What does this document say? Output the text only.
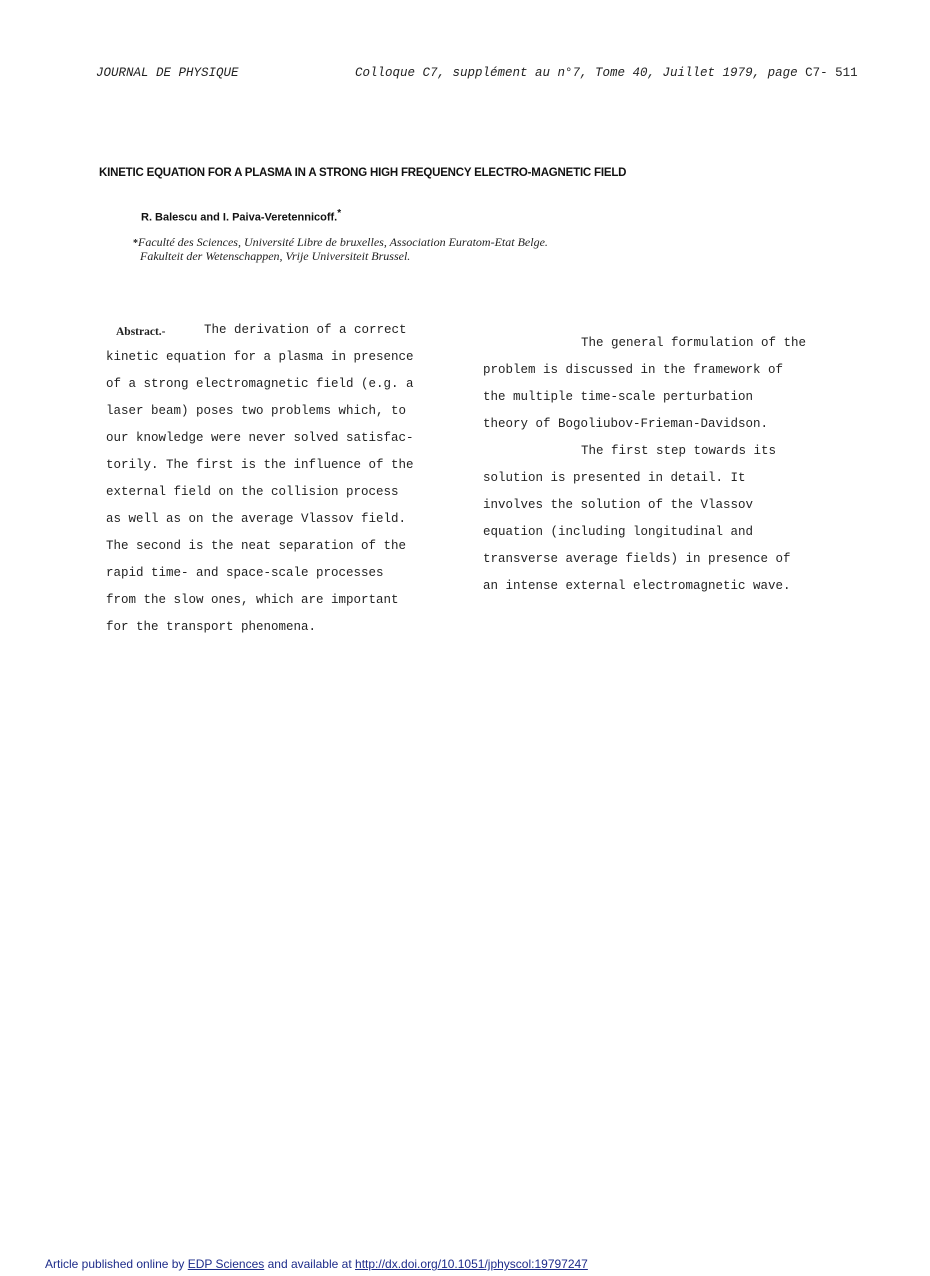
JOURNAL DE PHYSIQUE	Colloque C7, supplément au n°7, Tome 40, Juillet 1979, page C7- 511
KINETIC EQUATION FOR A PLASMA IN A STRONG HIGH FREQUENCY ELECTRO-MAGNETIC FIELD
R. Balescu and I. Paiva-Veretennicoff.*
*Faculté des Sciences, Université Libre de bruxelles, Association Euratom-Etat Belge.
Fakulteit der Wetenschappen, Vrije Universiteit Brussel.
Abstract.-	The derivation of a correct
kinetic equation for a plasma in presence
of a strong electromagnetic field (e.g. a
laser beam) poses two problems which, to
our knowledge were never solved satisfac-
torily. The first is the influence of the
external field on the collision process
as well as on the average Vlassov field.
The second is the neat separation of the
rapid time- and space-scale processes
from the slow ones, which are important
for the transport phenomena.
The general formulation of the
problem is discussed in the framework of
the multiple time-scale perturbation
theory of Bogoliubov-Frieman-Davidson.
The first step towards its
solution is presented in detail. It
involves the solution of the Vlassov
equation (including longitudinal and
transverse average fields) in presence of
an intense external electromagnetic wave.
Article published online by EDP Sciences and available at http://dx.doi.org/10.1051/jphyscol:19797247
